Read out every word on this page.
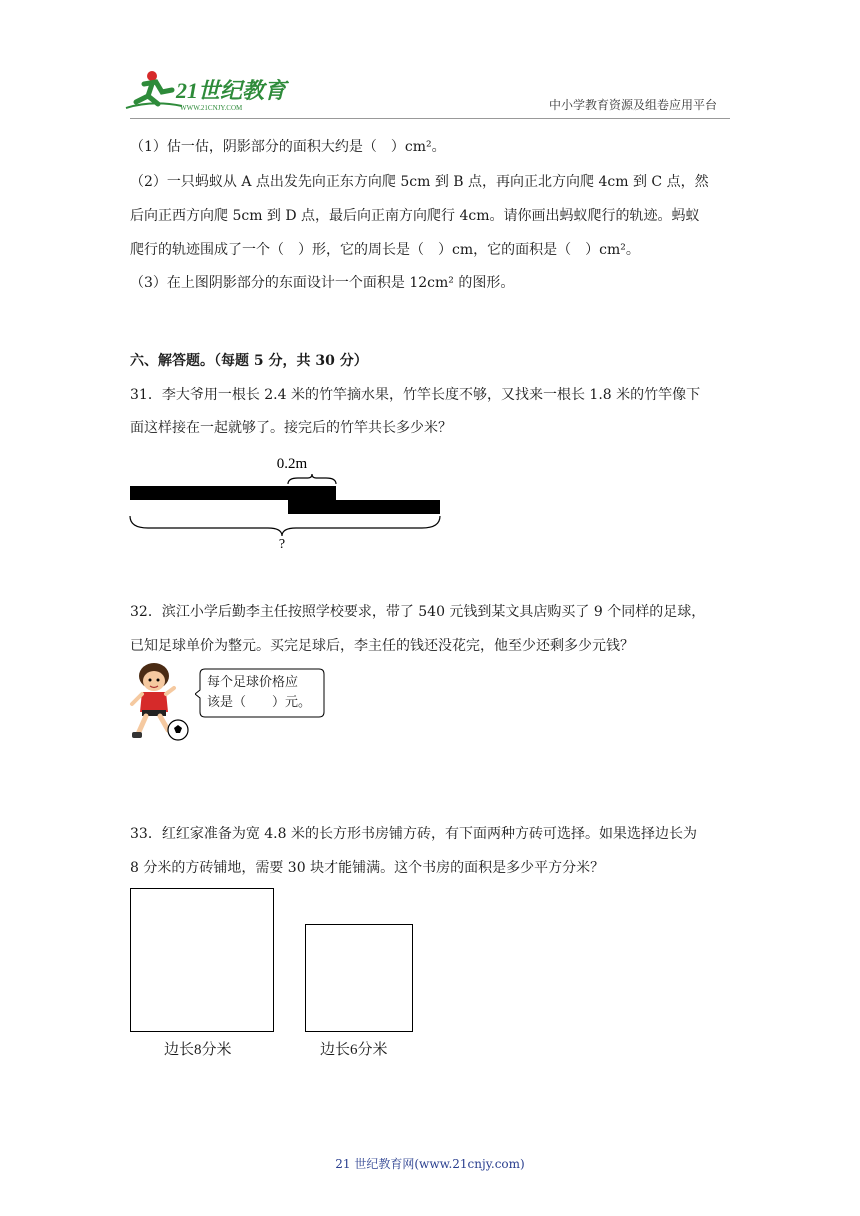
21世纪教育
WWW.21CNJY.COM	中小学教育资源及组卷应用平台
（1）估一估，阴影部分的面积大约是（　）cm²。
（2）一只蚂蚁从 A 点出发先向正东方向爬 5cm 到 B 点，再向正北方向爬 4cm 到 C 点，然
后向正西方向爬 5cm 到 D 点，最后向正南方向爬行 4cm。请你画出蚂蚁爬行的轨迹。蚂蚁
爬行的轨迹围成了一个（　）形，它的周长是（　）cm，它的面积是（　）cm²。
（3）在上图阴影部分的东面设计一个面积是 12cm² 的图形。
六、解答题。（每题 5 分，共 30 分）
31．李大爷用一根长 2.4 米的竹竿摘水果，竹竿长度不够，又找来一根长 1.8 米的竹竿像下
面这样接在一起就够了。接完后的竹竿共长多少米？
0.2m
?
32．滨江小学后勤李主任按照学校要求，带了 540 元钱到某文具店购买了 9 个同样的足球，
已知足球单价为整元。买完足球后，李主任的钱还没花完，他至少还剩多少元钱？
每个足球价格应
该是（　　）元。
33．红红家准备为宽 4.8 米的长方形书房铺方砖，有下面两种方砖可选择。如果选择边长为
8 分米的方砖铺地，需要 30 块才能铺满。这个书房的面积是多少平方分米？
边长8分米	边长6分米
21 世纪教育网(www.21cnjy.com)
